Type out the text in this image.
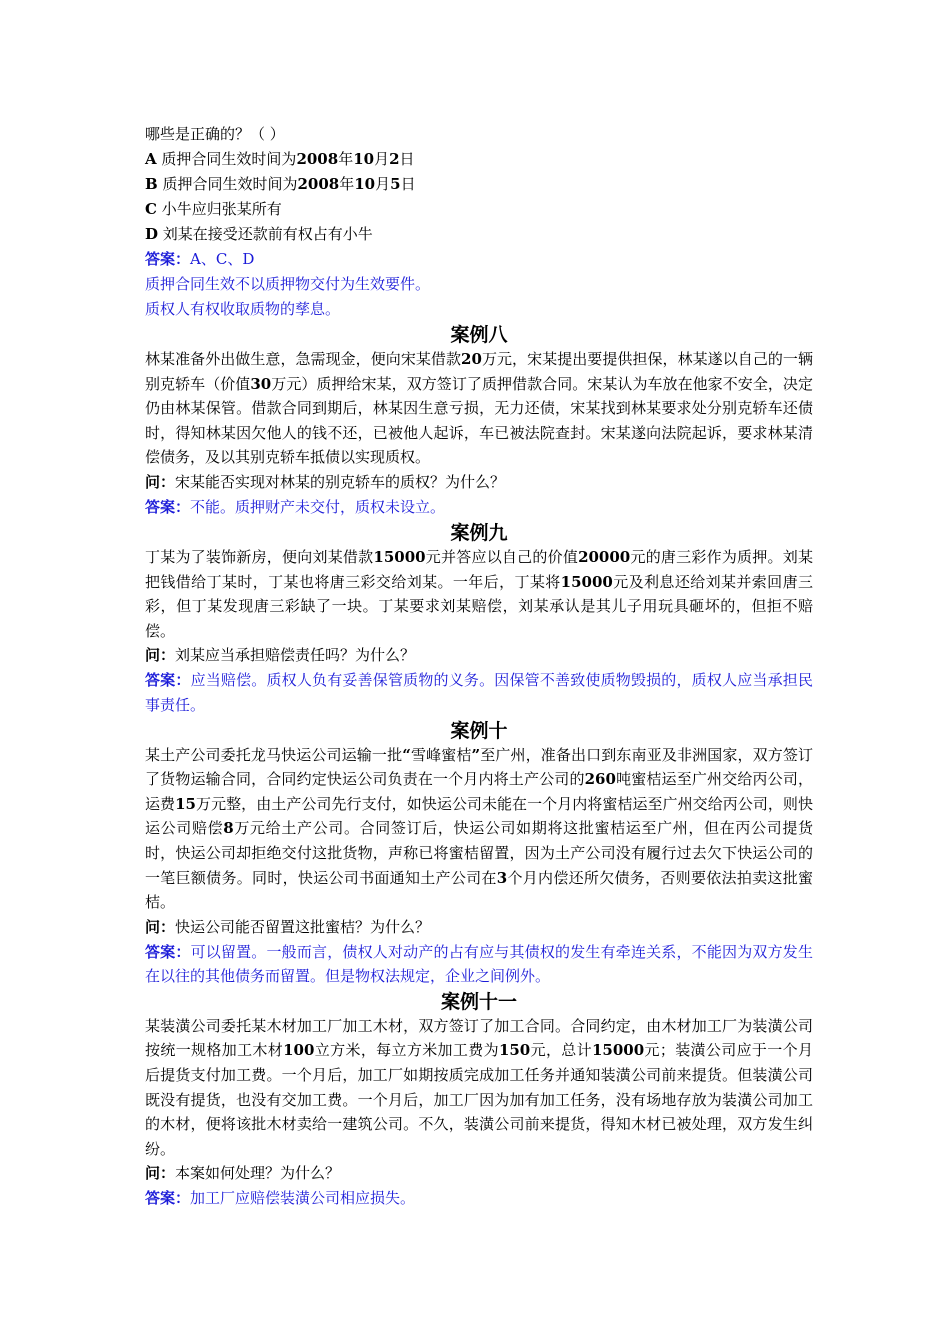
哪些是正确的？（ ）
A 质押合同生效时间为2008年10月2日
B 质押合同生效时间为2008年10月5日
C 小牛应归张某所有
D 刘某在接受还款前有权占有小牛
答案：A、C、D
质押合同生效不以质押物交付为生效要件。
质权人有权收取质物的孳息。
案例八
林某准备外出做生意，急需现金，便向宋某借款20万元，宋某提出要提供担保，林某遂以自己的一辆别克轿车（价值30万元）质押给宋某，双方签订了质押借款合同。宋某认为车放在他家不安全，决定仍由林某保管。借款合同到期后，林某因生意亏损，无力还债，宋某找到林某要求处分别克轿车还债时，得知林某因欠他人的钱不还，已被他人起诉，车已被法院查封。宋某遂向法院起诉，要求林某清偿债务，及以其别克轿车抵债以实现质权。
问：宋某能否实现对林某的别克轿车的质权？为什么？
答案：不能。质押财产未交付，质权未设立。
案例九
丁某为了装饰新房，便向刘某借款15000元并答应以自己的价值20000元的唐三彩作为质押。刘某把钱借给丁某时，丁某也将唐三彩交给刘某。一年后，丁某将15000元及利息还给刘某并索回唐三彩，但丁某发现唐三彩缺了一块。丁某要求刘某赔偿，刘某承认是其儿子用玩具砸坏的，但拒不赔偿。
问：刘某应当承担赔偿责任吗？为什么？
答案：应当赔偿。质权人负有妥善保管质物的义务。因保管不善致使质物毁损的，质权人应当承担民事责任。
案例十
某土产公司委托龙马快运公司运输一批“雪峰蜜桔”至广州，准备出口到东南亚及非洲国家，双方签订了货物运输合同，合同约定快运公司负责在一个月内将土产公司的260吨蜜桔运至广州交给丙公司，运费15万元整，由土产公司先行支付，如快运公司未能在一个月内将蜜桔运至广州交给丙公司，则快运公司赔偿8万元给土产公司。合同签订后，快运公司如期将这批蜜桔运至广州，但在丙公司提货时，快运公司却拒绝交付这批货物，声称已将蜜桔留置，因为土产公司没有履行过去欠下快运公司的一笔巨额债务。同时，快运公司书面通知土产公司在3个月内偿还所欠债务，否则要依法拍卖这批蜜桔。
问：快运公司能否留置这批蜜桔？为什么？
答案：可以留置。一般而言，债权人对动产的占有应与其债权的发生有牵连关系，不能因为双方发生在以往的其他债务而留置。但是物权法规定，企业之间例外。
案例十一
某装潢公司委托某木材加工厂加工木材，双方签订了加工合同。合同约定，由木材加工厂为装潢公司按统一规格加工木材100立方米，每立方米加工费为150元，总计15000元；装潢公司应于一个月后提货支付加工费。一个月后，加工厂如期按质完成加工任务并通知装潢公司前来提货。但装潢公司既没有提货，也没有交加工费。一个月后，加工厂因为加有加工任务，没有场地存放为装潢公司加工的木材，便将该批木材卖给一建筑公司。不久，装潢公司前来提货，得知木材已被处理，双方发生纠纷。
问：本案如何处理？为什么？
答案：加工厂应赔偿装潢公司相应损失。
